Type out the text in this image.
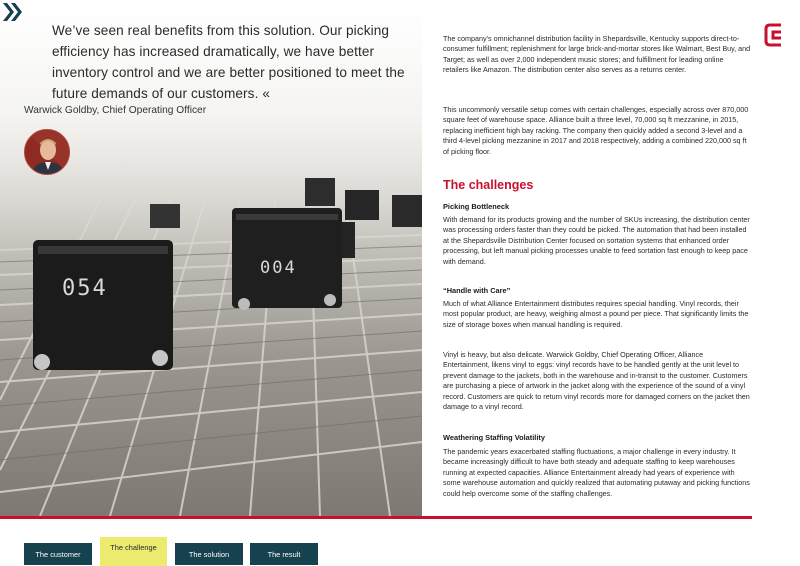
054
004
We’ve seen real benefits from this solution. Our picking efficiency has increased dramatically, we have better inventory control and we are better positioned to meet the future demands of our customers. «
Warwick Goldby, Chief Operating Officer

The company’s omnichannel distribution facility in Shepardsville, Kentucky supports direct-to-consumer fulfillment; replenishment for large brick-and-mortar stores like Walmart, Best Buy, and Target; as well as over 2,000 independent music stores; and fulfillment for leading online retailers like Amazon. The distribution center also serves as a returns center.

This uncommonly versatile setup comes with certain challenges, especially across over 870,000 square feet of warehouse space. Alliance built a three level, 70,000 sq ft mezzanine, in 2015, replacing inefficient high bay racking. The company then quickly added a second 3-level and a third 4-level picking mezzanine in 2017 and 2018 respectively, adding a combined 220,000 sq ft of picking floor.

The challenges
Picking Bottleneck

With demand for its products growing and the number of SKUs increasing, the distribution center was processing orders faster than they could be picked. The automation that had been installed at the Shepardsville Distribution Center focused on sortation systems that enhanced order processing, but left manual picking processes unable to feed sortation fast enough to keep pace with demand.

“Handle with Care”

Much of what Alliance Entertainment distributes requires special handling. Vinyl records, their most popular product, are heavy, weighing almost a pound per piece. That significantly limits the size of storage boxes when manual handling is required.

Vinyl is heavy, but also delicate. Warwick Goldby, Chief Operating Officer, Alliance Entertainment, likens vinyl to eggs: vinyl records have to be handled gently at the unit level to prevent damage to the jackets, both in the warehouse and in-transit to the customer. Customers are purchasing a piece of artwork in the jacket along with the experience of the sound of a vinyl record. Customers are quick to return vinyl records more for damaged corners on the jacket then damage to a vinyl record.

Weathering Staffing Volatility

The pandemic years exacerbated staffing fluctuations, a major challenge in every industry. It became increasingly difficult to have both steady and adequate staffing to keep warehouses running at expected capacities. Alliance Entertainment already had years of experience with some warehouse automation and quickly realized that automating putaway and picking functions could help overcome some of the staffing challenges.

The customer
The challenge
The solution	The result
